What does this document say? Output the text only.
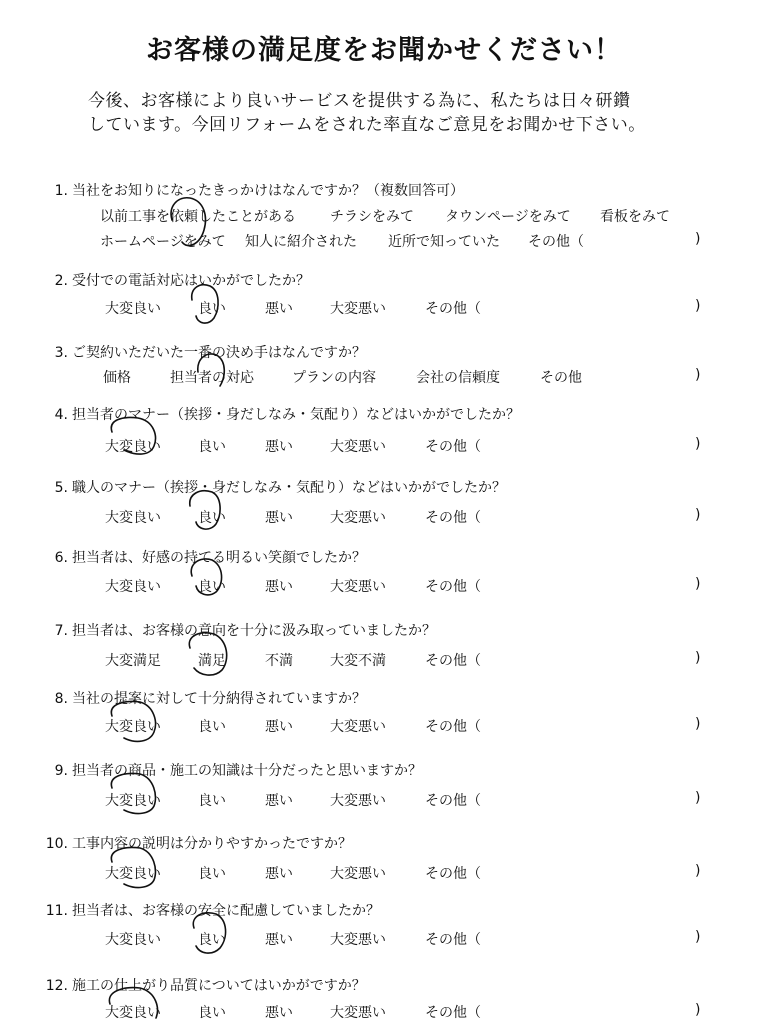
お客様の満足度をお聞かせください！
今後、お客様により良いサービスを提供する為に、私たちは日々研鑽
しています。今回リフォームをされた率直なご意見をお聞かせ下さい。
1. 当社をお知りになったきっかけはなんですか？（複数回答可）
以前工事を依頼したことがある チラシをみて タウンページをみて 看板をみて
ホームページをみて 知人に紹介された 近所で知っていた その他（	)
2. 受付での電話対応はいかがでしたか？
大変良い	良い	悪い	大変悪い	その他（	)
3. ご契約いただいた一番の決め手はなんですか？
価格	担当者の対応	プランの内容	会社の信頼度	その他	)
4. 担当者のマナー（挨拶・身だしなみ・気配り）などはいかがでしたか？
大変良い	良い	悪い	大変悪い	その他（	)
5. 職人のマナー（挨拶・身だしなみ・気配り）などはいかがでしたか？
大変良い	良い	悪い	大変悪い	その他（	)
6. 担当者は、好感の持てる明るい笑顔でしたか？
大変良い	良い	悪い	大変悪い	その他（	)
7. 担当者は、お客様の意向を十分に汲み取っていましたか？
大変満足	満足	不満	大変不満	その他（	)
8. 当社の提案に対して十分納得されていますか？
大変良い	良い	悪い	大変悪い	その他（	)
9. 担当者の商品・施工の知識は十分だったと思いますか？
大変良い	良い	悪い	大変悪い	その他（	)
10. 工事内容の説明は分かりやすかったですか？
大変良い	良い	悪い	大変悪い	その他（	)
11. 担当者は、お客様の安全に配慮していましたか？
大変良い	良い	悪い	大変悪い	その他（	)
12. 施工の仕上がり品質についてはいかがですか？
大変良い	良い	悪い	大変悪い	その他（	)
